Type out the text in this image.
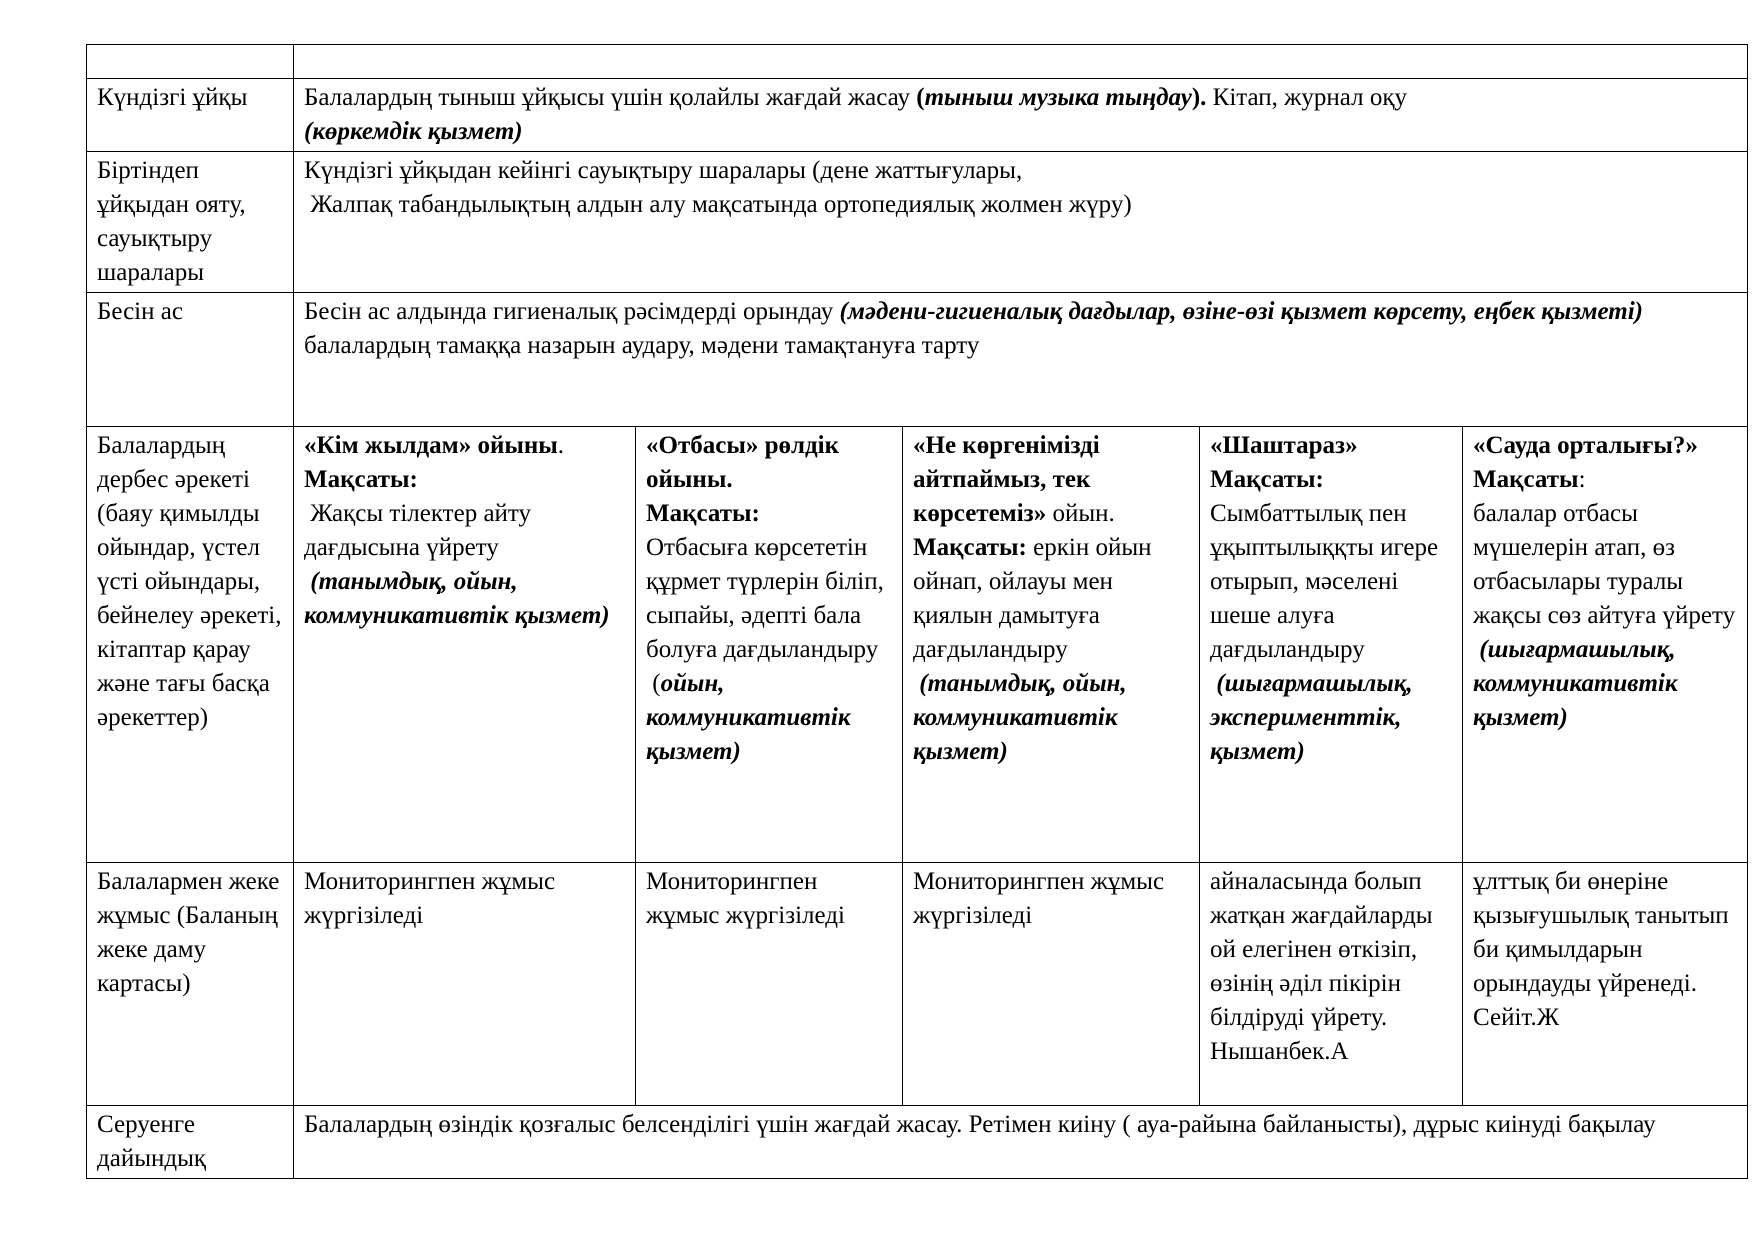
Күндізгі ұйқы	Балалардың тыныш ұйқысы үшін қолайлы жағдай жасау (тыныш музыка тыңдау). Кітап, журнал оқу
(көркемдік қызмет)				
Біртіндеп ұйқыдан ояту, сауықтыру шаралары	Күндізгі ұйқыдан кейінгі сауықтыру шаралары (дене жаттығулары,
Жалпақ табандылықтың алдын алу мақсатында ортопедиялық жолмен жүру)				

Бесін ас	Бесін ас алдында гигиеналық рәсімдерді орындау (мәдени-гигиеналық дағдылар, өзіне-өзі қызмет көрсету, еңбек қызметі)
балалардың тамаққа назарын аудару, мәдени тамақтануға тарту				

Балалардың дербес әрекеті (баяу қимылды ойындар, үстел үсті ойындары, бейнелеу әрекеті, кітаптар қарау және тағы басқа әрекеттер)	«Кім жылдам» ойыны.
Мақсаты:
Жақсы тілектер айту дағдысына үйрету
(танымдық, ойын, коммуникативтік қызмет)	«Отбасы» рөлдік ойыны.
Мақсаты:
Отбасыға көрсететін құрмет түрлерін біліп, сыпайы, әдепті бала болуға дағдыландыру
(ойын, коммуникативтік қызмет)	«Не көргенімізді айтпаймыз, тек көрсетеміз» ойын.
Мақсаты: еркін ойын ойнап, ойлауы мен қиялын дамытуға дағдыландыру
(танымдық, ойын, коммуникативтік қызмет)	«Шаштараз»
Мақсаты:
Сымбаттылық пен ұқыптылыққты игере отырып, мәселені шеше алуға дағдыландыру
(шығармашылық, эксперименттік, қызмет)	«Сауда орталығы?»
Мақсаты:
балалар отбасы мүшелерін атап, өз отбасылары туралы жақсы сөз айтуға үйрету
(шығармашылық, коммуникативтік қызмет)

Балалармен жеке жұмыс (Баланың жеке даму картасы)	Мониторингпен жұмыс жүргізіледі	Мониторингпен жұмыс жүргізіледі	Мониторингпен жұмыс жүргізіледі	айналасында болып жатқан жағдайларды ой елегінен өткізіп, өзінің әділ пікірін білдіруді үйрету. Нышанбек.А	ұлттық би өнеріне қызығушылық танытып би қимылдарын орындауды үйренеді. Сейіт.Ж
Серуенге дайындық	Балалардың өзіндік қозғалыс белсенділігі үшін жағдай жасау. Ретімен киіну ( ауа-райына байланысты), дұрыс киінуді бақылау				
